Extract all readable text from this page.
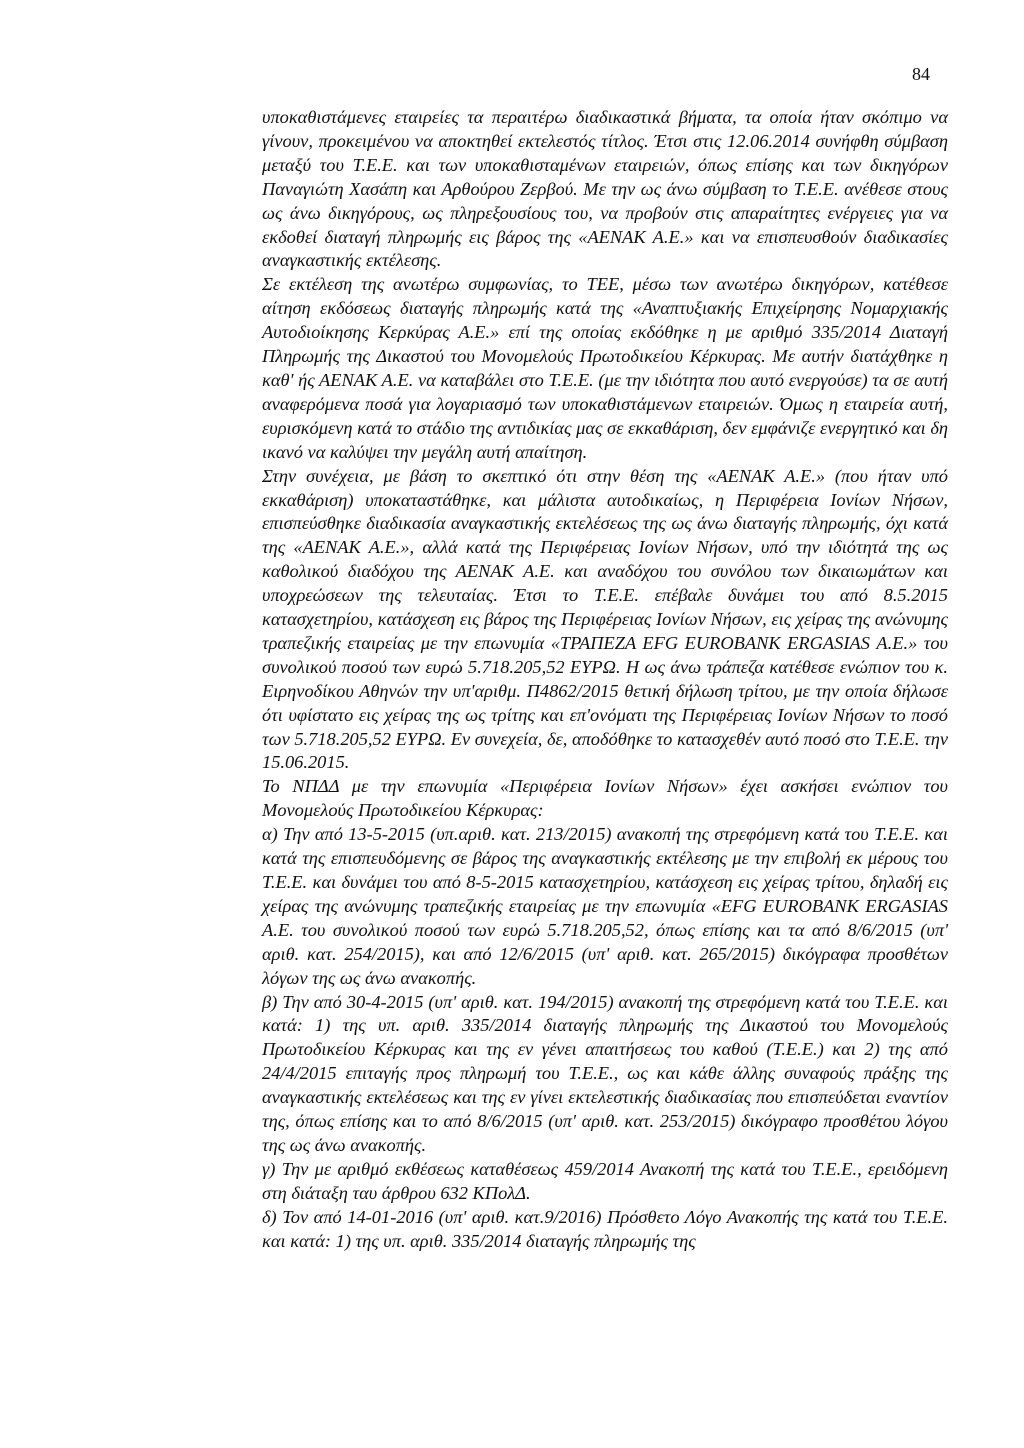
84

υποκαθιστάμενες εταιρείες τα περαιτέρω διαδικαστικά βήματα, τα οποία ήταν σκόπιμο να γίνουν, προκειμένου να αποκτηθεί εκτελεστός τίτλος. Έτσι στις 12.06.2014 συνήφθη σύμβαση μεταξύ του Τ.Ε.Ε. και των υποκαθισταμένων εταιρειών, όπως επίσης και των δικηγόρων Παναγιώτη Χασάπη και Αρθούρου Ζερβού. Με την ως άνω σύμβαση το Τ.Ε.Ε. ανέθεσε στους ως άνω δικηγόρους, ως πληρεξουσίους του, να προβούν στις απαραίτητες ενέργειες για να εκδοθεί διαταγή πληρωμής εις βάρος της «ΑΕΝΑΚ Α.Ε.» και να επισπευσθούν διαδικασίες αναγκαστικής εκτέλεσης.

Σε εκτέλεση της ανωτέρω συμφωνίας, το ΤΕΕ, μέσω των ανωτέρω δικηγόρων, κατέθεσε αίτηση εκδόσεως διαταγής πληρωμής κατά της «Αναπτυξιακής Επιχείρησης Νομαρχιακής Αυτοδιοίκησης Κερκύρας Α.Ε.» επί της οποίας εκδόθηκε η με αριθμό 335/2014 Διαταγή Πληρωμής της Δικαστού του Μονομελούς Πρωτοδικείου Κέρκυρας. Με αυτήν διατάχθηκε η καθ' ής ΑΕΝΑΚ Α.Ε. να καταβάλει στο Τ.Ε.Ε. (με την ιδιότητα που αυτό ενεργούσε) τα σε αυτή αναφερόμενα ποσά για λογαριασμό των υποκαθιστάμενων εταιρειών. Όμως η εταιρεία αυτή, ευρισκόμενη κατά το στάδιο της αντιδικίας μας σε εκκαθάριση, δεν εμφάνιζε ενεργητικό και δη ικανό να καλύψει την μεγάλη αυτή απαίτηση.

Στην συνέχεια, με βάση το σκεπτικό ότι στην θέση της «ΑΕΝΑΚ Α.Ε.» (που ήταν υπό εκκαθάριση) υποκαταστάθηκε, και μάλιστα αυτοδικαίως, η Περιφέρεια Ιονίων Νήσων, επισπεύσθηκε διαδικασία αναγκαστικής εκτελέσεως της ως άνω διαταγής πληρωμής, όχι κατά της «ΑΕΝΑΚ Α.Ε.», αλλά κατά της Περιφέρειας Ιονίων Νήσων, υπό την ιδιότητά της ως καθολικού διαδόχου της ΑΕΝΑΚ Α.Ε. και αναδόχου του συνόλου των δικαιωμάτων και υποχρεώσεων της τελευταίας. Έτσι το Τ.Ε.Ε. επέβαλε δυνάμει του από 8.5.2015 κατασχετηρίου, κατάσχεση εις βάρος της Περιφέρειας Ιονίων Νήσων, εις χείρας της ανώνυμης τραπεζικής εταιρείας με την επωνυμία «ΤΡΑΠΕΖΑ EFG EUROBANK ERGASIAS Α.Ε.» του συνολικού ποσού των ευρώ 5.718.205,52 ΕΥΡΩ. Η ως άνω τράπεζα κατέθεσε ενώπιον του κ. Ειρηνοδίκου Αθηνών την υπ'αριθμ. Π4862/2015 θετική δήλωση τρίτου, με την οποία δήλωσε ότι υφίστατο εις χείρας της ως τρίτης και επ'ονόματι της Περιφέρειας Ιονίων Νήσων το ποσό των 5.718.205,52 ΕΥΡΩ. Εν συνεχεία, δε, αποδόθηκε το κατασχεθέν αυτό ποσό στο Τ.Ε.Ε. την 15.06.2015.

Το ΝΠΔΔ με την επωνυμία «Περιφέρεια Ιονίων Νήσων» έχει ασκήσει ενώπιον του Μονομελούς Πρωτοδικείου Κέρκυρας:

α) Την από 13-5-2015 (υπ.αριθ. κατ. 213/2015) ανακοπή της στρεφόμενη κατά του Τ.Ε.Ε. και κατά της επισπευδόμενης σε βάρος της αναγκαστικής εκτέλεσης με την επιβολή εκ μέρους του Τ.Ε.Ε. και δυνάμει του από 8-5-2015 κατασχετηρίου, κατάσχεση εις χείρας τρίτου, δηλαδή εις χείρας της ανώνυμης τραπεζικής εταιρείας με την επωνυμία «EFG EUROBANK ERGASIAS Α.Ε. του συνολικού ποσού των ευρώ 5.718.205,52, όπως επίσης και τα από 8/6/2015 (υπ' αριθ. κατ. 254/2015), και από 12/6/2015 (υπ' αριθ. κατ. 265/2015) δικόγραφα προσθέτων λόγων της ως άνω ανακοπής.

β) Την από 30-4-2015 (υπ' αριθ. κατ. 194/2015) ανακοπή της στρεφόμενη κατά του Τ.Ε.Ε. και κατά: 1) της υπ. αριθ. 335/2014 διαταγής πληρωμής της Δικαστού του Μονομελούς Πρωτοδικείου Κέρκυρας και της εν γένει απαιτήσεως του καθού (Τ.Ε.Ε.) και 2) της από 24/4/2015 επιταγής προς πληρωμή του Τ.Ε.Ε., ως και κάθε άλλης συναφούς πράξης της αναγκαστικής εκτελέσεως και της εν γίνει εκτελεστικής διαδικασίας που επισπεύδεται εναντίον της, όπως επίσης και το από 8/6/2015 (υπ' αριθ. κατ. 253/2015) δικόγραφο προσθέτου λόγου της ως άνω ανακοπής.

γ) Την με αριθμό εκθέσεως καταθέσεως 459/2014 Ανακοπή της κατά του Τ.Ε.Ε., ερειδόμενη στη διάταξη ταυ άρθρου 632 ΚΠολΔ.

δ) Τον από 14-01-2016 (υπ' αριθ. κατ.9/2016) Πρόσθετο Λόγο Ανακοπής της κατά του Τ.Ε.Ε. και κατά: 1) της υπ. αριθ. 335/2014 διαταγής πληρωμής της
